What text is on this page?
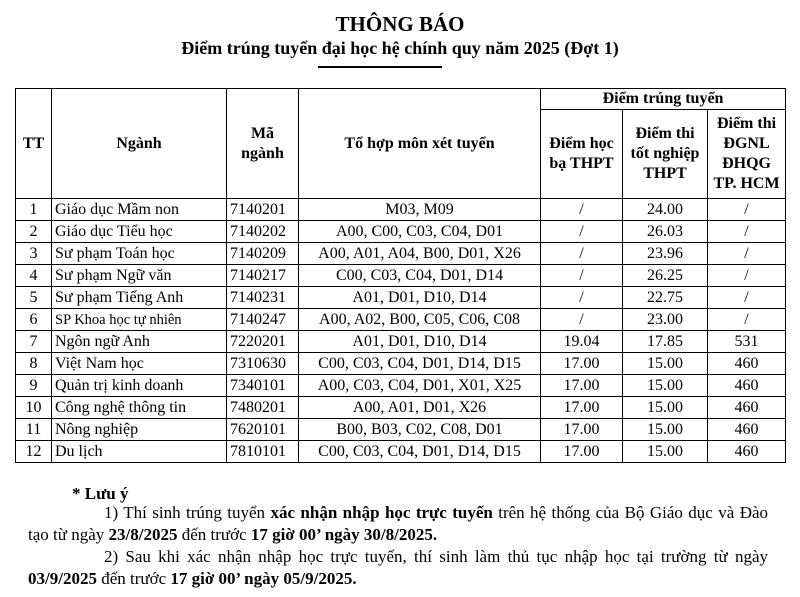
THÔNG BÁO
Điểm trúng tuyển đại học hệ chính quy năm 2025 (Đợt 1)
TT	Ngành	Mã ngành	Tổ hợp môn xét tuyển	Điểm trúng tuyển		
				Điểm học bạ THPT	Điểm thi tốt nghiệp THPT	Điểm thi ĐGNL ĐHQG TP. HCM
1	Giáo dục Mầm non	7140201	M03, M09	/	24.00	/
2	Giáo dục Tiểu học	7140202	A00, C00, C03, C04, D01	/	26.03	/
3	Sư phạm Toán học	7140209	A00, A01, A04, B00, D01, X26	/	23.96	/
4	Sư phạm Ngữ văn	7140217	C00, C03, C04, D01, D14	/	26.25	/
5	Sư phạm Tiếng Anh	7140231	A01, D01, D10, D14	/	22.75	/
6	SP Khoa học tự nhiên	7140247	A00, A02, B00, C05, C06, C08	/	23.00	/
7	Ngôn ngữ Anh	7220201	A01, D01, D10, D14	19.04	17.85	531
8	Việt Nam học	7310630	C00, C03, C04, D01, D14, D15	17.00	15.00	460
9	Quản trị kinh doanh	7340101	A00, C03, C04, D01, X01, X25	17.00	15.00	460
10	Công nghệ thông tin	7480201	A00, A01, D01, X26	17.00	15.00	460
11	Nông nghiệp	7620101	B00, B03, C02, C08, D01	17.00	15.00	460
12	Du lịch	7810101	C00, C03, C04, D01, D14, D15	17.00	15.00	460
* Lưu ý
1) Thí sinh trúng tuyển xác nhận nhập học trực tuyến trên hệ thống của Bộ Giáo dục và Đào tạo từ ngày 23/8/2025 đến trước 17 giờ 00’ ngày 30/8/2025.
2) Sau khi xác nhận nhập học trực tuyến, thí sinh làm thủ tục nhập học tại trường từ ngày 03/9/2025 đến trước 17 giờ 00’ ngày 05/9/2025.
